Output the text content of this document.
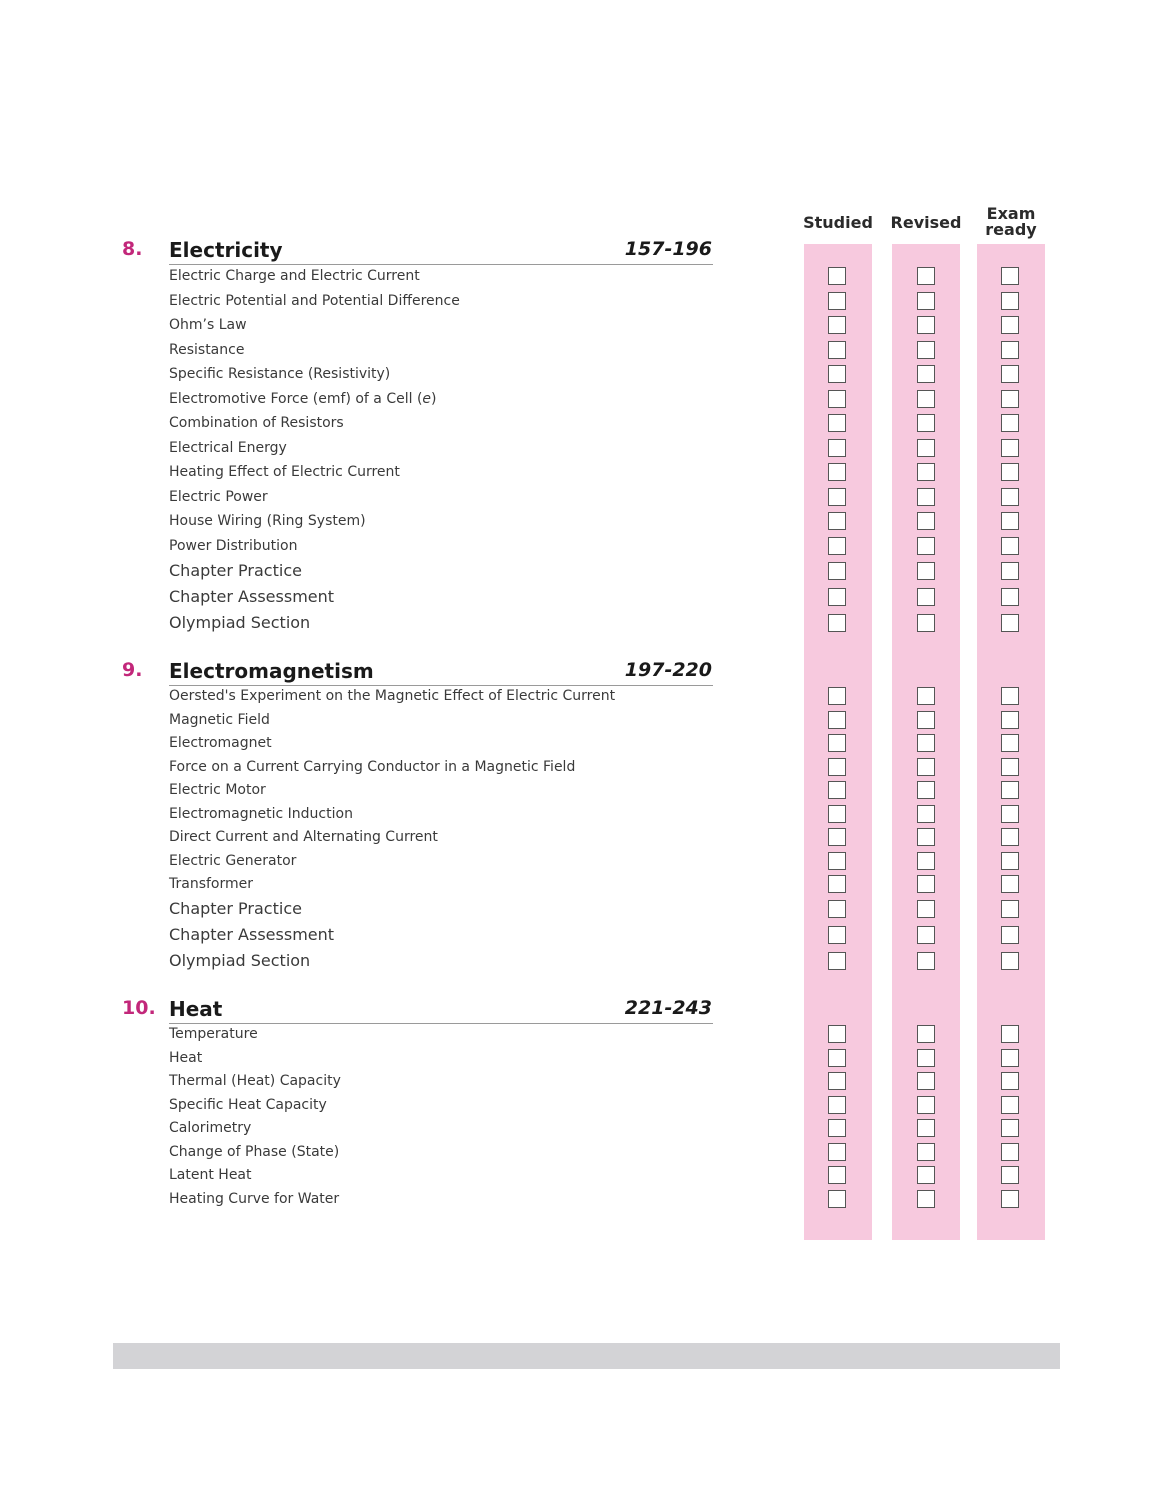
Studied	Revised	Exam
ready
8. Electricity	157-196
Electric Charge and Electric Current
Electric Potential and Potential Difference
Ohm’s Law
Resistance
Specific Resistance (Resistivity)
Electromotive Force (emf) of a Cell (e)
Combination of Resistors
Electrical Energy
Heating Effect of Electric Current
Electric Power
House Wiring (Ring System)
Power Distribution
Chapter Practice
Chapter Assessment
Olympiad Section
9. Electromagnetism	197-220
Oersted's Experiment on the Magnetic Effect of Electric Current
Magnetic Field
Electromagnet
Force on a Current Carrying Conductor in a Magnetic Field
Electric Motor
Electromagnetic Induction
Direct Current and Alternating Current
Electric Generator
Transformer
Chapter Practice
Chapter Assessment
Olympiad Section
10. Heat	221-243
Temperature
Heat
Thermal (Heat) Capacity
Specific Heat Capacity
Calorimetry
Change of Phase (State)
Latent Heat
Heating Curve for Water
